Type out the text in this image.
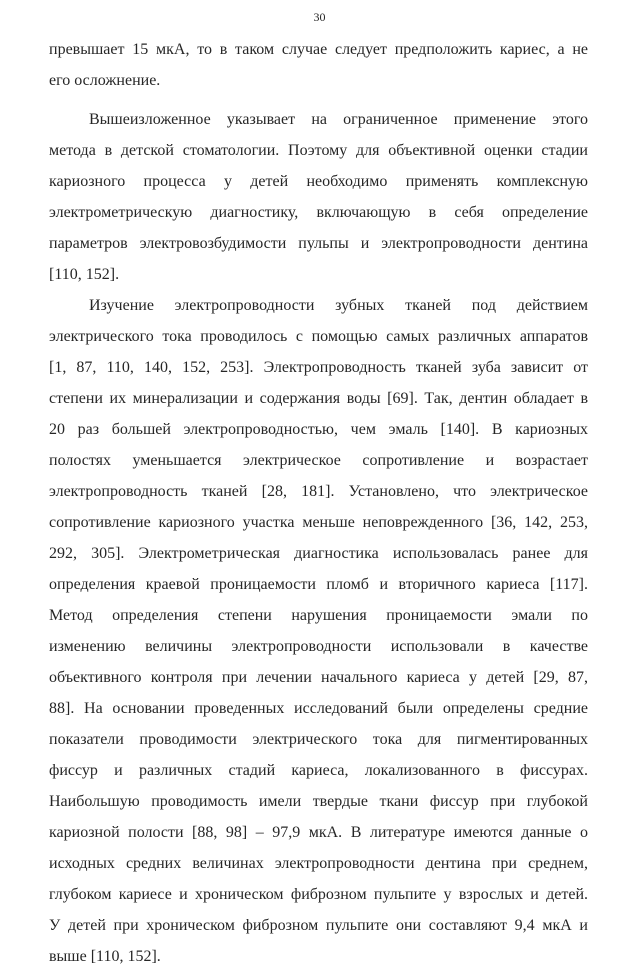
30
превышает 15 мкА, то в таком случае следует предположить кариес, а не
его осложнение.
Вышеизложенное указывает на ограниченное применение этого
метода в детской стоматологии. Поэтому для объективной оценки стадии
кариозного процесса у детей необходимо применять комплексную
электрометрическую диагностику, включающую в себя определение
параметров электровозбудимости пульпы и электропроводности дентина
[110, 152].
Изучение электропроводности зубных тканей под действием
электрического тока проводилось с помощью самых различных аппаратов
[1, 87, 110, 140, 152, 253]. Электропроводность тканей зуба зависит от
степени их минерализации и содержания воды [69]. Так, дентин обладает в
20 раз большей электропроводностью, чем эмаль [140]. В кариозных
полостях уменьшается электрическое сопротивление и возрастает
электропроводность тканей [28, 181]. Установлено, что электрическое
сопротивление кариозного участка меньше неповрежденного [36, 142, 253,
292, 305]. Электрометрическая диагностика использовалась ранее для
определения краевой проницаемости пломб и вторичного кариеса [117].
Метод определения степени нарушения проницаемости эмали по
изменению величины электропроводности использовали в качестве
объективного контроля при лечении начального кариеса у детей [29, 87,
88]. На основании проведенных исследований были определены средние
показатели проводимости электрического тока для пигментированных
фиссур и различных стадий кариеса, локализованного в фиссурах.
Наибольшую проводимость имели твердые ткани фиссур при глубокой
кариозной полости [88, 98] – 97,9 мкА. В литературе имеются данные о
исходных средних величинах электропроводности дентина при среднем,
глубоком кариесе и хроническом фиброзном пульпите у взрослых и детей.
У детей при хроническом фиброзном пульпите они составляют 9,4 мкА и
выше [110, 152].
